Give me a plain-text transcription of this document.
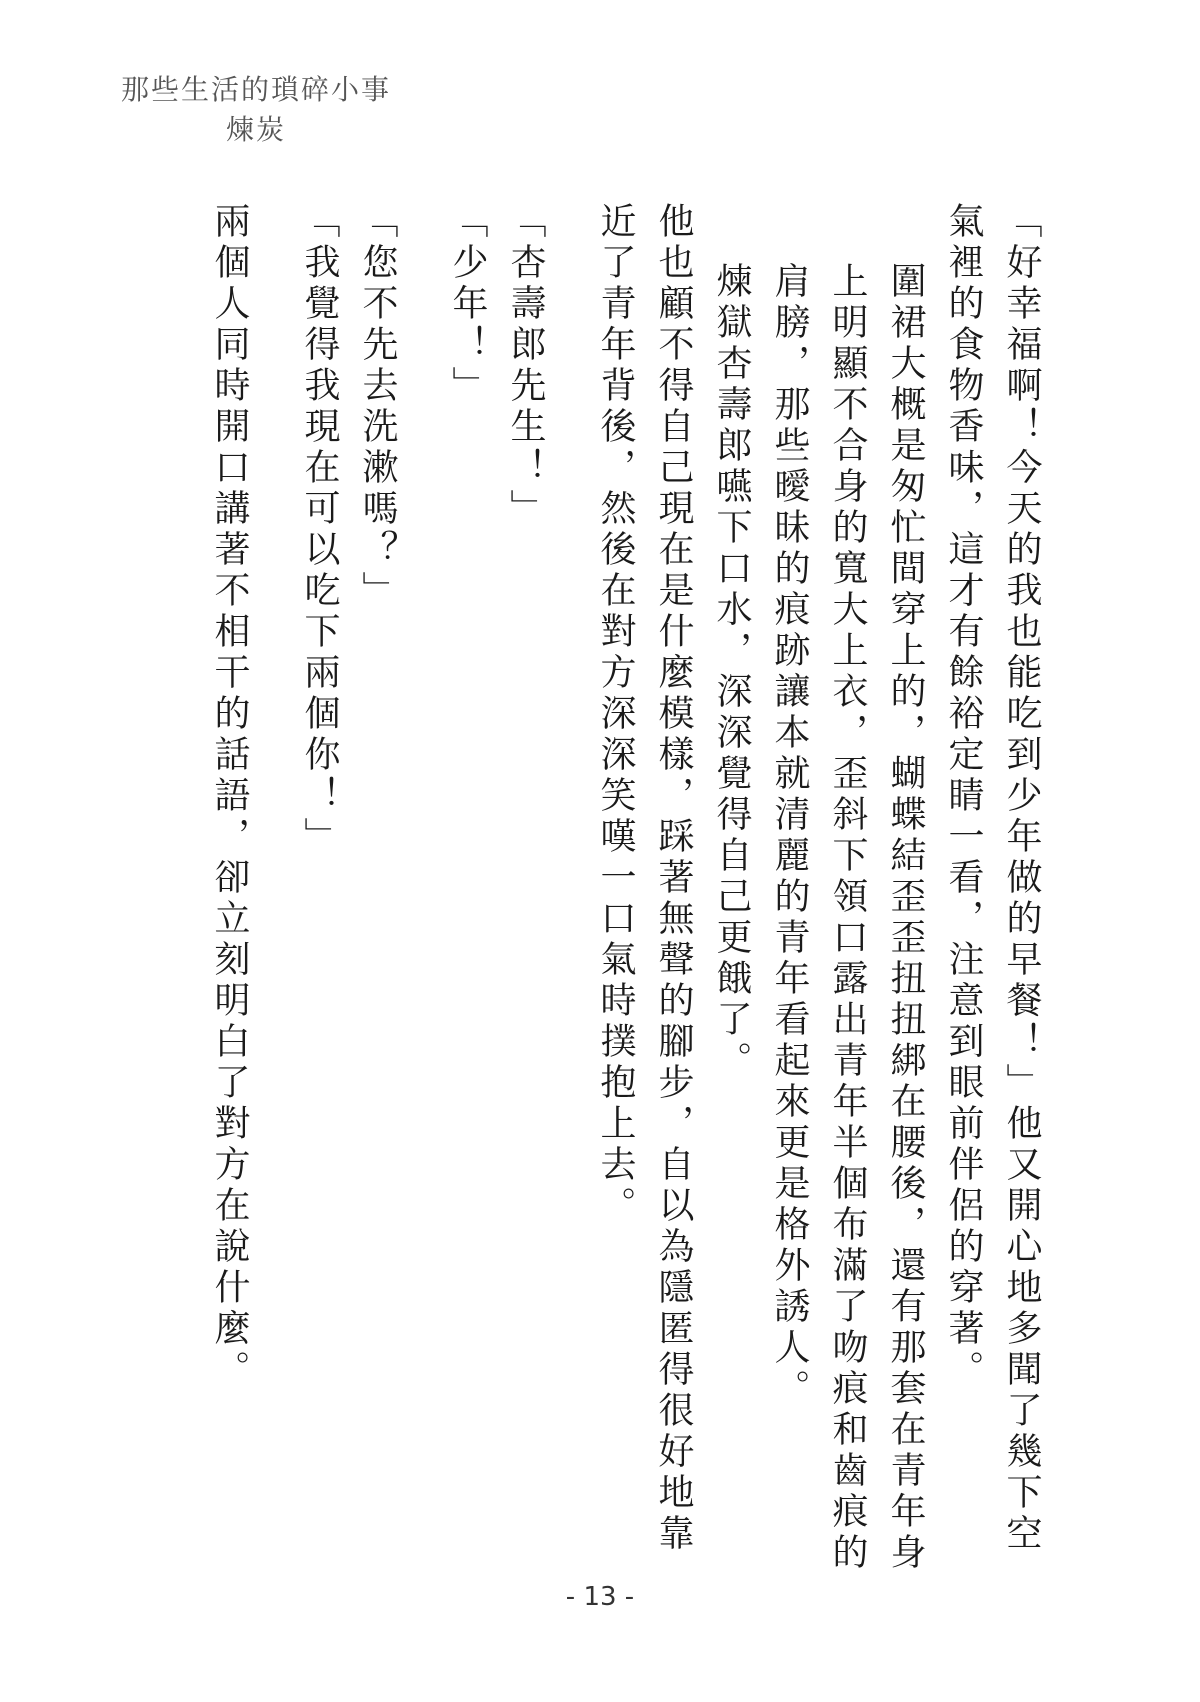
那些生活的瑣碎小事
煉炭

「好幸福啊！今天的我也能吃到少年做的早餐！」他又開心地多聞了幾下空氣裡的食物香味，這才有餘裕定睛一看，注意到眼前伴侶的穿著。

圍裙大概是匆忙間穿上的，蝴蝶結歪歪扭扭綁在腰後，還有那套在青年身上明顯不合身的寬大上衣，歪斜下領口露出青年半個布滿了吻痕和齒痕的肩膀，那些曖昧的痕跡讓本就清麗的青年看起來更是格外誘人。

煉獄杏壽郎嚥下口水，深深覺得自己更餓了。

他也顧不得自己現在是什麼模樣，踩著無聲的腳步，自以為隱匿得很好地靠近了青年背後，然後在對方深深笑嘆一口氣時撲抱上去。

「杏壽郎先生！」

「少年！」

「您不先去洗漱嗎？」

「我覺得我現在可以吃下兩個你！」

兩個人同時開口講著不相干的話語，卻立刻明白了對方在說什麼。

- 13 -
